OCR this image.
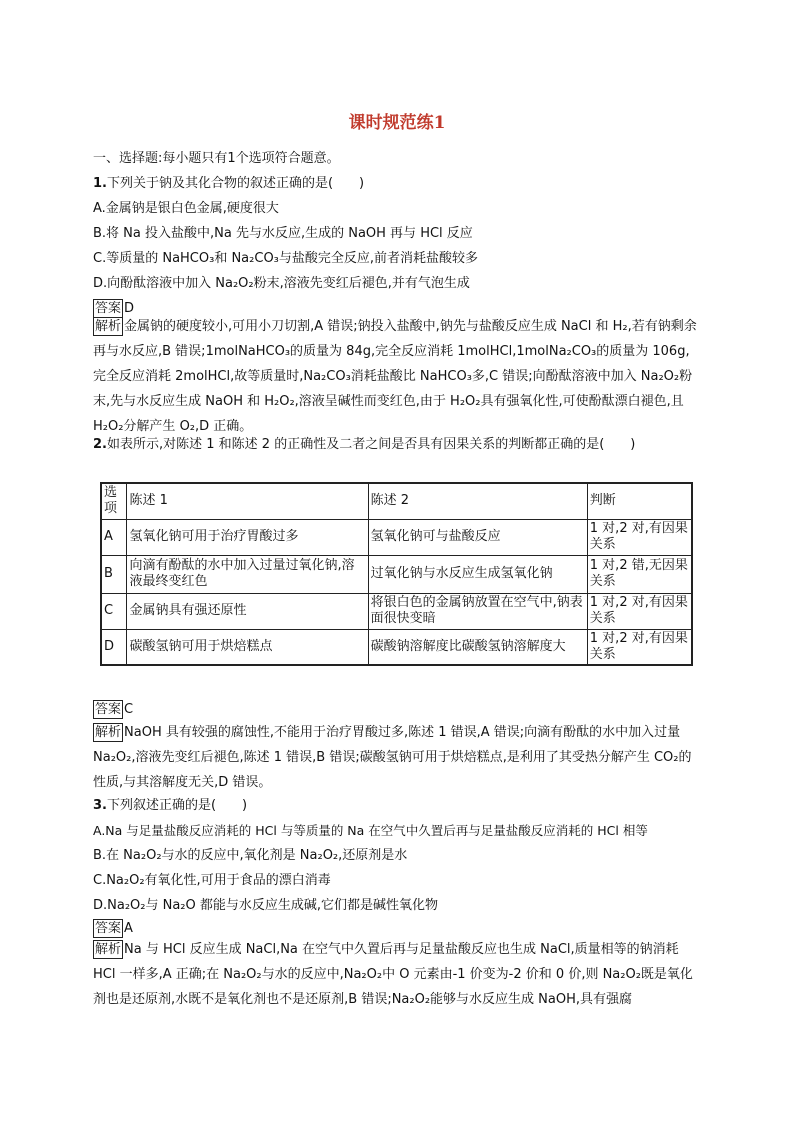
课时规范练1
一、选择题:每小题只有1个选项符合题意。
1.下列关于钠及其化合物的叙述正确的是(　　)
A.金属钠是银白色金属,硬度很大
B.将 Na 投入盐酸中,Na 先与水反应,生成的 NaOH 再与 HCl 反应
C.等质量的 NaHCO₃和 Na₂CO₃与盐酸完全反应,前者消耗盐酸较多
D.向酚酞溶液中加入 Na₂O₂粉末,溶液先变红后褪色,并有气泡生成
答案 D
解析 金属钠的硬度较小,可用小刀切割,A 错误;钠投入盐酸中,钠先与盐酸反应生成 NaCl 和 H₂,若有钠剩余再与水反应,B 错误;1molNaHCO₃的质量为 84g,完全反应消耗 1molHCl,1molNa₂CO₃的质量为 106g,完全反应消耗 2molHCl,故等质量时,Na₂CO₃消耗盐酸比 NaHCO₃多,C 错误;向酚酞溶液中加入 Na₂O₂粉末,先与水反应生成 NaOH 和 H₂O₂,溶液呈碱性而变红色,由于 H₂O₂具有强氧化性,可使酚酞漂白褪色,且 H₂O₂分解产生 O₂,D 正确。
2.如表所示,对陈述 1 和陈述 2 的正确性及二者之间是否具有因果关系的判断都正确的是(　　)
选项	陈述 1	陈述 2	判断
A	氢氧化钠可用于治疗胃酸过多	氢氧化钠可与盐酸反应	1 对,2 对,有因果关系
B	向滴有酚酞的水中加入过量过氧化钠,溶液最终变红色	过氧化钠与水反应生成氢氧化钠	1 对,2 错,无因果关系
C	金属钠具有强还原性	将银白色的金属钠放置在空气中,钠表面很快变暗	1 对,2 对,有因果关系
D	碳酸氢钠可用于烘焙糕点	碳酸钠溶解度比碳酸氢钠溶解度大	1 对,2 对,有因果关系
答案 C
解析 NaOH 具有较强的腐蚀性,不能用于治疗胃酸过多,陈述 1 错误,A 错误;向滴有酚酞的水中加入过量 Na₂O₂,溶液先变红后褪色,陈述 1 错误,B 错误;碳酸氢钠可用于烘焙糕点,是利用了其受热分解产生 CO₂的性质,与其溶解度无关,D 错误。
3.下列叙述正确的是(　　)
A.Na 与足量盐酸反应消耗的 HCl 与等质量的 Na 在空气中久置后再与足量盐酸反应消耗的 HCl 相等
B.在 Na₂O₂与水的反应中,氧化剂是 Na₂O₂,还原剂是水
C.Na₂O₂有氧化性,可用于食品的漂白消毒
D.Na₂O₂与 Na₂O 都能与水反应生成碱,它们都是碱性氧化物
答案 A
解析 Na 与 HCl 反应生成 NaCl,Na 在空气中久置后再与足量盐酸反应也生成 NaCl,质量相等的钠消耗 HCl 一样多,A 正确;在 Na₂O₂与水的反应中,Na₂O₂中 O 元素由-1 价变为-2 价和 0 价,则 Na₂O₂既是氧化剂也是还原剂,水既不是氧化剂也不是还原剂,B 错误;Na₂O₂能够与水反应生成 NaOH,具有强腐
